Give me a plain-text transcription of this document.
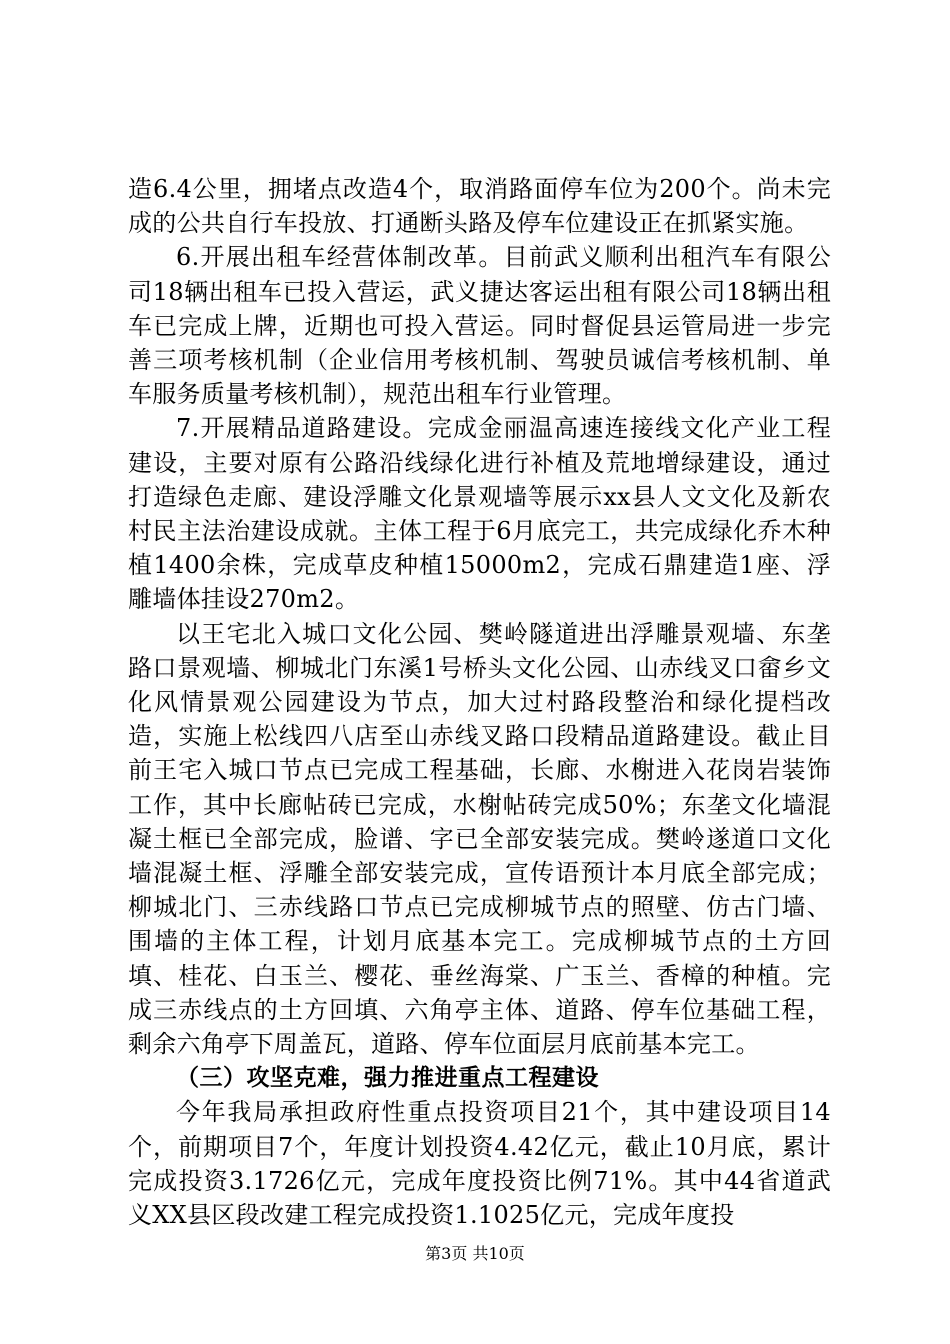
造6.4公里，拥堵点改造4个，取消路面停车位为200个。尚未完成的公共自行车投放、打通断头路及停车位建设正在抓紧实施。

6.开展出租车经营体制改革。目前武义顺利出租汽车有限公司18辆出租车已投入营运，武义捷达客运出租有限公司18辆出租车已完成上牌，近期也可投入营运。同时督促县运管局进一步完善三项考核机制（企业信用考核机制、驾驶员诚信考核机制、单车服务质量考核机制），规范出租车行业管理。

7.开展精品道路建设。完成金丽温高速连接线文化产业工程建设，主要对原有公路沿线绿化进行补植及荒地增绿建设，通过打造绿色走廊、建设浮雕文化景观墙等展示xx县人文文化及新农村民主法治建设成就。主体工程于6月底完工，共完成绿化乔木种植1400余株，完成草皮种植15000m2，完成石鼎建造1座、浮雕墙体挂设270m2。

以王宅北入城口文化公园、樊岭隧道进出浮雕景观墙、东垄路口景观墙、柳城北门东溪1号桥头文化公园、山赤线叉口畲乡文化风情景观公园建设为节点，加大过村路段整治和绿化提档改造，实施上松线四八店至山赤线叉路口段精品道路建设。截止目前王宅入城口节点已完成工程基础，长廊、水榭进入花岗岩装饰工作，其中长廊帖砖已完成，水榭帖砖完成50%；东垄文化墙混凝土框已全部完成，脸谱、字已全部安装完成。樊岭遂道口文化墙混凝土框、浮雕全部安装完成，宣传语预计本月底全部完成；柳城北门、三赤线路口节点已完成柳城节点的照壁、仿古门墙、围墙的主体工程，计划月底基本完工。完成柳城节点的土方回填、桂花、白玉兰、樱花、垂丝海棠、广玉兰、香樟的种植。完成三赤线点的土方回填、六角亭主体、道路、停车位基础工程，剩余六角亭下周盖瓦，道路、停车位面层月底前基本完工。

（三）攻坚克难，强力推进重点工程建设

今年我局承担政府性重点投资项目21个，其中建设项目14个，前期项目7个，年度计划投资4.42亿元，截止10月底，累计完成投资3.1726亿元，完成年度投资比例71%。其中44省道武义XX县区段改建工程完成投资1.1025亿元，完成年度投

第3页 共10页
